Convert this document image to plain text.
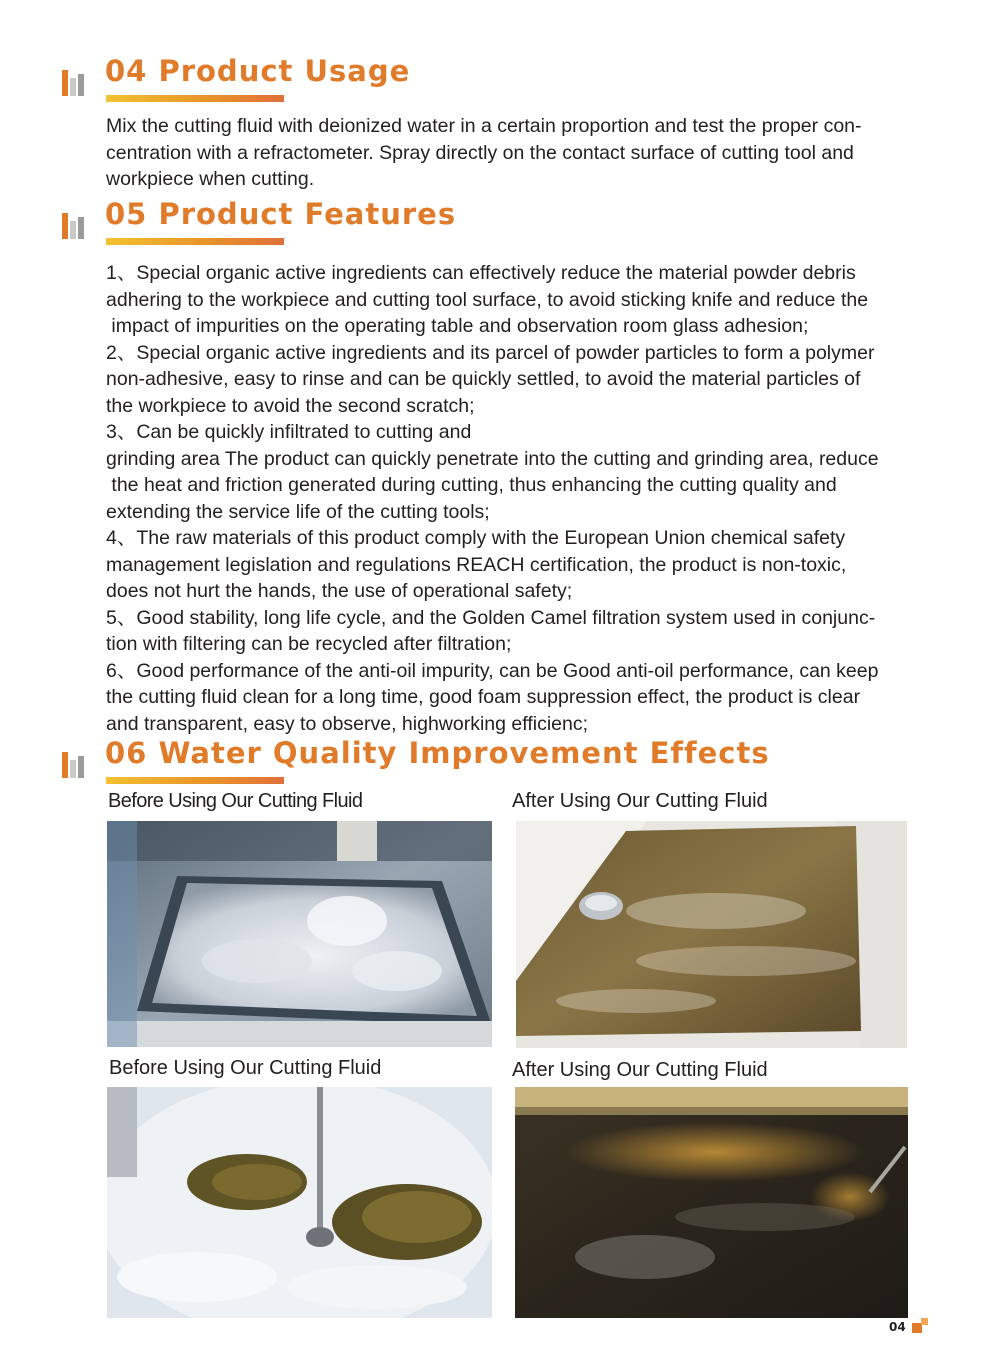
04 Product Usage

Mix the cutting fluid with deionized water in a certain proportion and test the proper con-

centration with a refractometer. Spray directly on the contact surface of cutting tool and

workpiece when cutting.

05 Product Features

1、Special organic active ingredients can effectively reduce the material powder debris

adhering to the workpiece and cutting tool surface, to avoid sticking knife and reduce the

impact of impurities on the operating table and observation room glass adhesion;

2、Special organic active ingredients and its parcel of powder particles to form a polymer

non-adhesive, easy to rinse and can be quickly settled, to avoid the material particles of

the workpiece to avoid the second scratch;

3、Can be quickly infiltrated to cutting and

grinding area The product can quickly penetrate into the cutting and grinding area, reduce

the heat and friction generated during cutting, thus enhancing the cutting quality and

extending the service life of the cutting tools;

4、The raw materials of this product comply with the European Union chemical safety

management legislation and regulations REACH certification, the product is non-toxic,

does not hurt the hands, the use of operational safety;

5、Good stability, long life cycle, and the Golden Camel filtration system used in conjunc-

tion with filtering can be recycled after filtration;

6、Good performance of the anti-oil impurity, can be Good anti-oil performance, can keep

the cutting fluid clean for a long time, good foam suppression effect, the product is clear

and transparent, easy to observe, highworking efficienc;

06 Water Quality Improvement Effects
Before Using Our Cutting Fluid	After Using Our Cutting Fluid
Before Using Our Cutting Fluid	After Using Our Cutting Fluid
04
